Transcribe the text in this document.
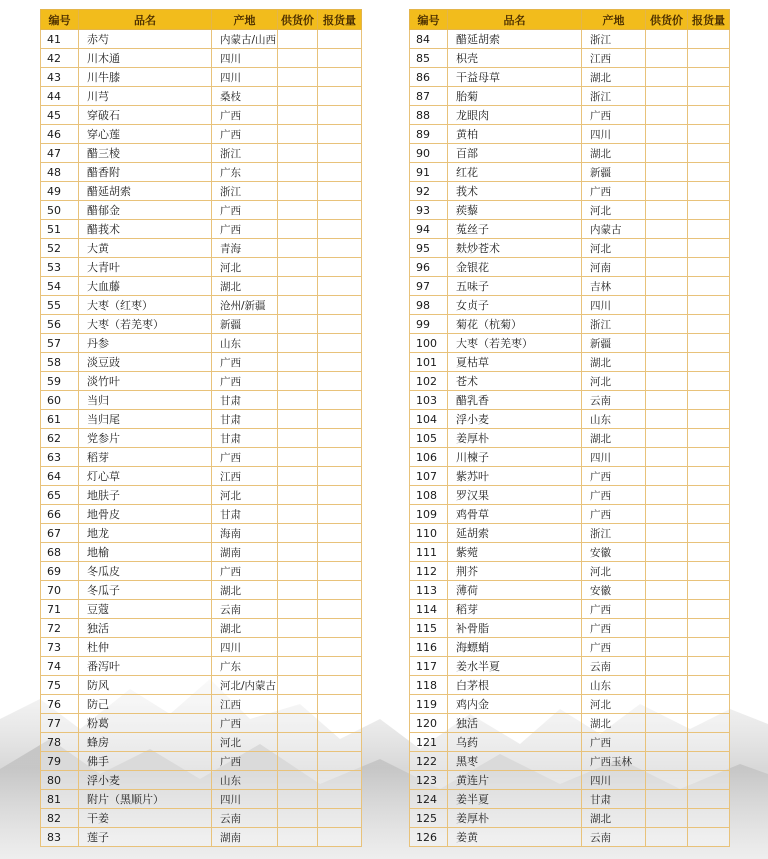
编号	品名	产地	供货价	报货量
41	赤芍	内蒙古/山西		
42	川木通	四川		
43	川牛膝	四川		
44	川芎	桑枝		
45	穿破石	广西		
46	穿心莲	广西		
47	醋三棱	浙江		
48	醋香附	广东		
49	醋延胡索	浙江		
50	醋郁金	广西		
51	醋莪术	广西		
52	大黄	青海		
53	大青叶	河北		
54	大血藤	湖北		
55	大枣（红枣）	沧州/新疆		
56	大枣（若羌枣）	新疆		
57	丹参	山东		
58	淡豆豉	广西		
59	淡竹叶	广西		
60	当归	甘肃		
61	当归尾	甘肃		
62	党参片	甘肃		
63	稻芽	广西		
64	灯心草	江西		
65	地肤子	河北		
66	地骨皮	甘肃		
67	地龙	海南		
68	地榆	湖南		
69	冬瓜皮	广西		
70	冬瓜子	湖北		
71	豆蔻	云南		
72	独活	湖北		
73	杜仲	四川		
74	番泻叶	广东		
75	防风	河北/内蒙古		
76	防己	江西		
77	粉葛	广西		
78	蜂房	河北		
79	佛手	广西		
80	浮小麦	山东		
81	附片（黑顺片）	四川		
82	干姜	云南		
83	莲子	湖南		
编号	品名	产地	供货价	报货量
84	醋延胡索	浙江		
85	枳壳	江西		
86	干益母草	湖北		
87	胎菊	浙江		
88	龙眼肉	广西		
89	黄柏	四川		
90	百部	湖北		
91	红花	新疆		
92	莪术	广西		
93	蒺藜	河北		
94	菟丝子	内蒙古		
95	麸炒苍术	河北		
96	金银花	河南		
97	五味子	吉林		
98	女贞子	四川		
99	菊花（杭菊）	浙江		
100	大枣（若羌枣）	新疆		
101	夏枯草	湖北		
102	苍术	河北		
103	醋乳香	云南		
104	浮小麦	山东		
105	姜厚朴	湖北		
106	川楝子	四川		
107	紫苏叶	广西		
108	罗汉果	广西		
109	鸡骨草	广西		
110	延胡索	浙江		
111	紫菀	安徽		
112	荆芥	河北		
113	薄荷	安徽		
114	稻芽	广西		
115	补骨脂	广西		
116	海螵蛸	广西		
117	姜水半夏	云南		
118	白茅根	山东		
119	鸡内金	河北		
120	独活	湖北		
121	乌药	广西		
122	黑枣	广西玉林		
123	黄连片	四川		
124	姜半夏	甘肃		
125	姜厚朴	湖北		
126	姜黄	云南		
